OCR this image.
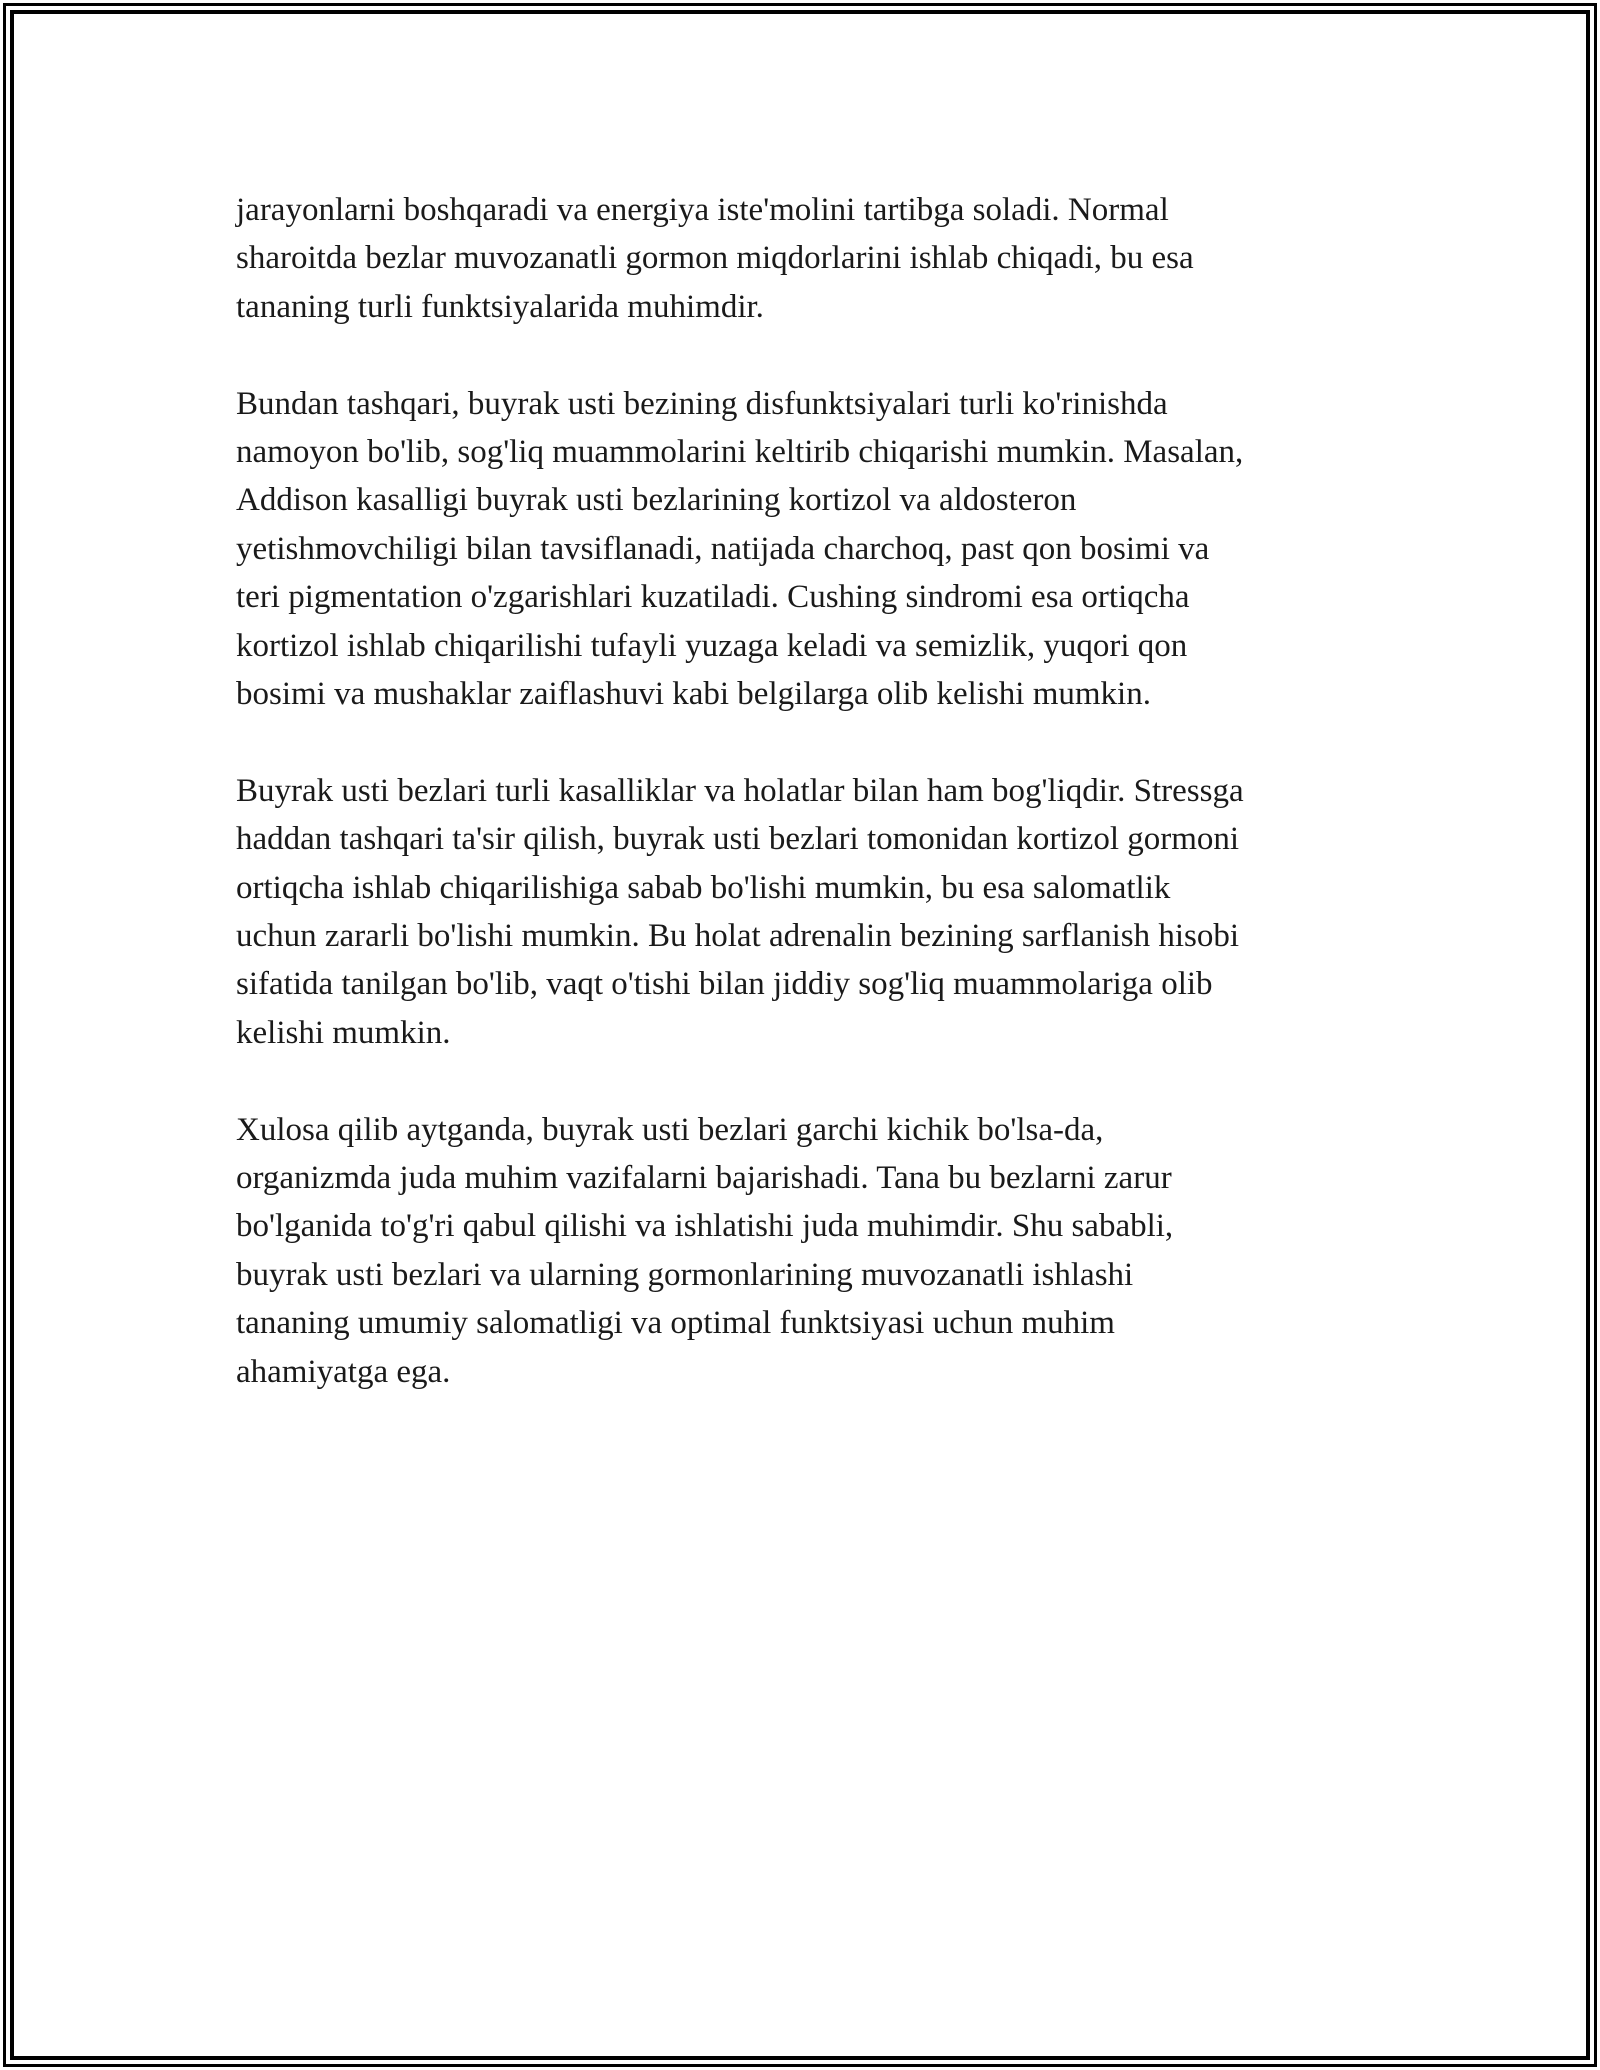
jarayonlarni boshqaradi va energiya iste'molini tartibga soladi. Normal
sharoitda bezlar muvozanatli gormon miqdorlarini ishlab chiqadi, bu esa
tananing turli funktsiyalarida muhimdir.

Bundan tashqari, buyrak usti bezining disfunktsiyalari turli ko'rinishda
namoyon bo'lib, sog'liq muammolarini keltirib chiqarishi mumkin. Masalan,
Addison kasalligi buyrak usti bezlarining kortizol va aldosteron
yetishmovchiligi bilan tavsiflanadi, natijada charchoq, past qon bosimi va
teri pigmentation o'zgarishlari kuzatiladi. Cushing sindromi esa ortiqcha
kortizol ishlab chiqarilishi tufayli yuzaga keladi va semizlik, yuqori qon
bosimi va mushaklar zaiflashuvi kabi belgilarga olib kelishi mumkin.

Buyrak usti bezlari turli kasalliklar va holatlar bilan ham bog'liqdir. Stressga
haddan tashqari ta'sir qilish, buyrak usti bezlari tomonidan kortizol gormoni
ortiqcha ishlab chiqarilishiga sabab bo'lishi mumkin, bu esa salomatlik
uchun zararli bo'lishi mumkin. Bu holat adrenalin bezining sarflanish hisobi
sifatida tanilgan bo'lib, vaqt o'tishi bilan jiddiy sog'liq muammolariga olib
kelishi mumkin.

Xulosa qilib aytganda, buyrak usti bezlari garchi kichik bo'lsa-da,
organizmda juda muhim vazifalarni bajarishadi. Tana bu bezlarni zarur
bo'lganida to'g'ri qabul qilishi va ishlatishi juda muhimdir. Shu sababli,
buyrak usti bezlari va ularning gormonlarining muvozanatli ishlashi
tananing umumiy salomatligi va optimal funktsiyasi uchun muhim
ahamiyatga ega.
